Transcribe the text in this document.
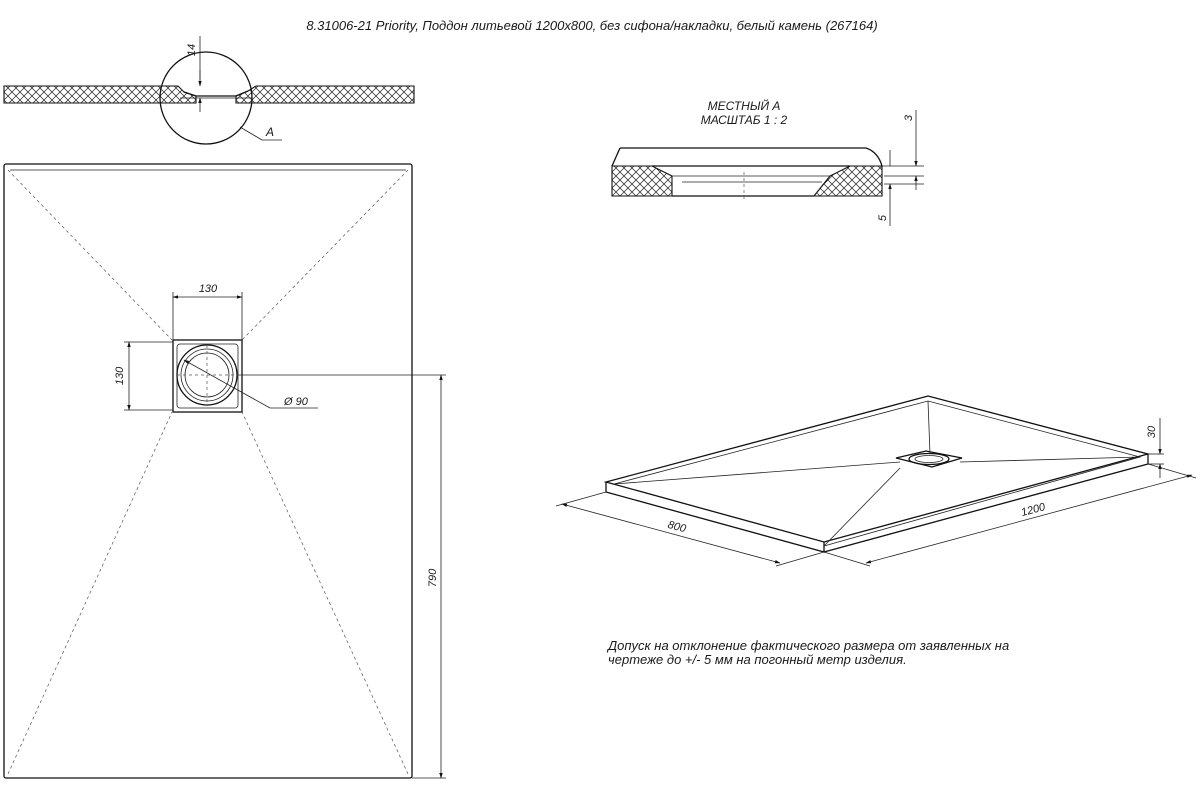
8.31006-21 Priority, Поддон литьевой 1200x800, без сифона/накладки, белый камень (267164)
A
14
130
130
Ø 90
790
МЕСТНЫЙ А
МАСШТАБ 1 : 2	3
5
800
1200
30
Допуск на отклонение фактического размера от заявленных на
чертеже до +/- 5 мм на погонный метр изделия.
